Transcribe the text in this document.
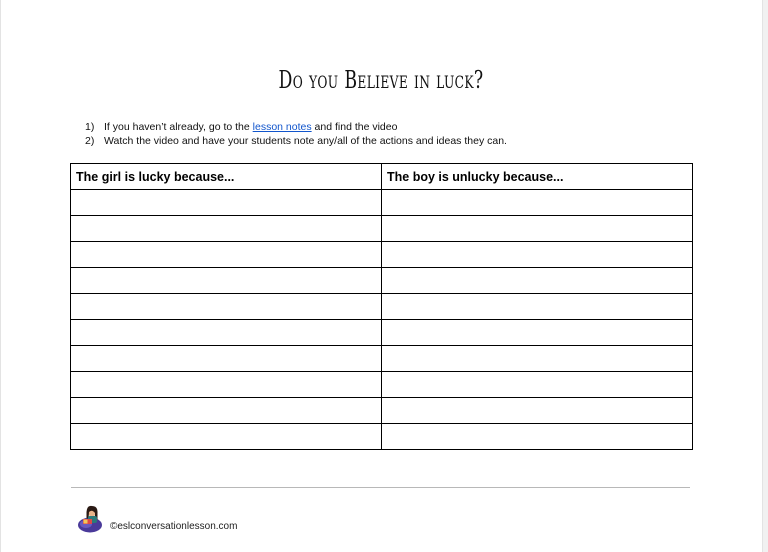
Do you Believe in luck?
1) If you haven’t already, go to the lesson notes and find the video
2) Watch the video and have your students note any/all of the actions and ideas they can.
The girl is lucky because...	The boy is unlucky because...

©eslconversationlesson.com
